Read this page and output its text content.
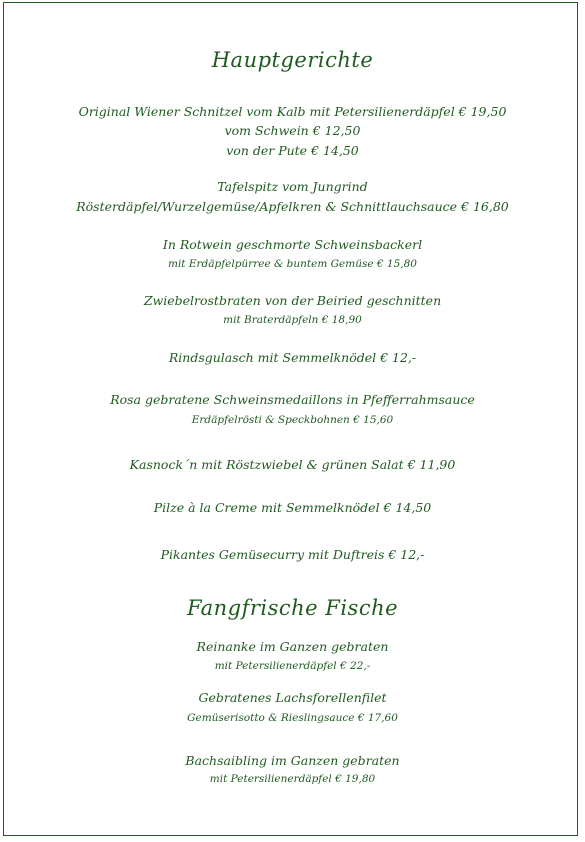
Hauptgerichte
Original Wiener Schnitzel vom Kalb mit Petersilienerdäpfel € 19,50
vom Schwein € 12,50
von der Pute € 14,50
Tafelspitz vom Jungrind
Rösterdäpfel/Wurzelgemüse/Apfelkren & Schnittlauchsauce € 16,80
In Rotwein geschmorte Schweinsbackerl
mit Erdäpfelpürree & buntem Gemüse € 15,80
Zwiebelrostbraten von der Beiried geschnitten
mit Braterdäpfeln € 18,90
Rindsgulasch mit Semmelknödel € 12,-
Rosa gebratene Schweinsmedaillons in Pfefferrahmsauce
Erdäpfelrösti & Speckbohnen € 15,60
Kasnock´n mit Röstzwiebel & grünen Salat € 11,90
Pilze à la Creme mit Semmelknödel € 14,50
Pikantes Gemüsecurry mit Duftreis € 12,-
Fangfrische Fische
Reinanke im Ganzen gebraten
mit Petersilienerdäpfel € 22,-
Gebratenes Lachsforellenfilet
Gemüserisotto & Rieslingsauce € 17,60
Bachsaibling im Ganzen gebraten
mit Petersilienerdäpfel € 19,80
